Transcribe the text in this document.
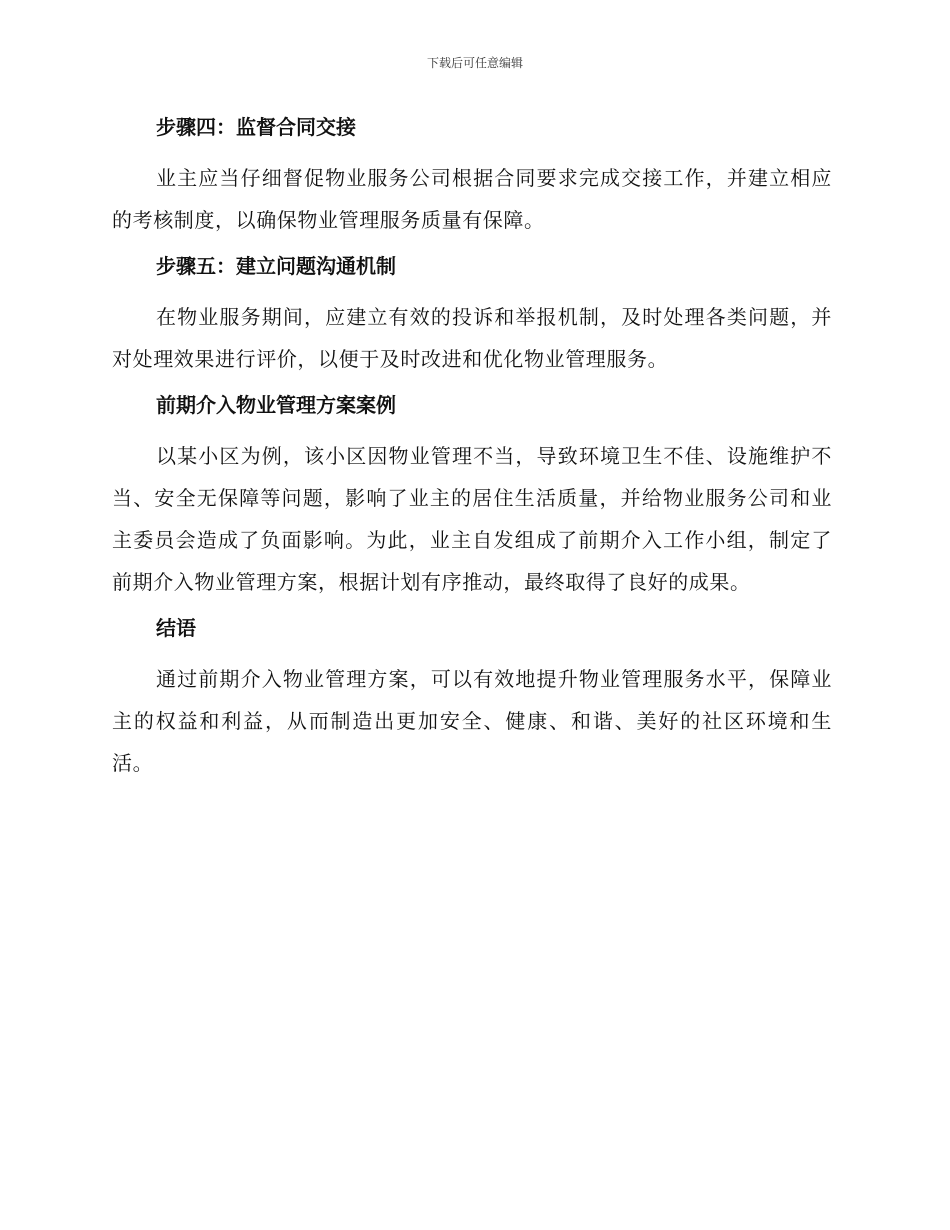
下载后可任意编辑
步骤四：监督合同交接

业主应当仔细督促物业服务公司根据合同要求完成交接工作，并建立相应的考核制度，以确保物业管理服务质量有保障。

步骤五：建立问题沟通机制

在物业服务期间，应建立有效的投诉和举报机制，及时处理各类问题，并对处理效果进行评价，以便于及时改进和优化物业管理服务。

前期介入物业管理方案案例

以某小区为例，该小区因物业管理不当，导致环境卫生不佳、设施维护不当、安全无保障等问题，影响了业主的居住生活质量，并给物业服务公司和业主委员会造成了负面影响。为此，业主自发组成了前期介入工作小组，制定了前期介入物业管理方案，根据计划有序推动，最终取得了良好的成果。

结语

通过前期介入物业管理方案，可以有效地提升物业管理服务水平，保障业主的权益和利益，从而制造出更加安全、健康、和谐、美好的社区环境和生活。
